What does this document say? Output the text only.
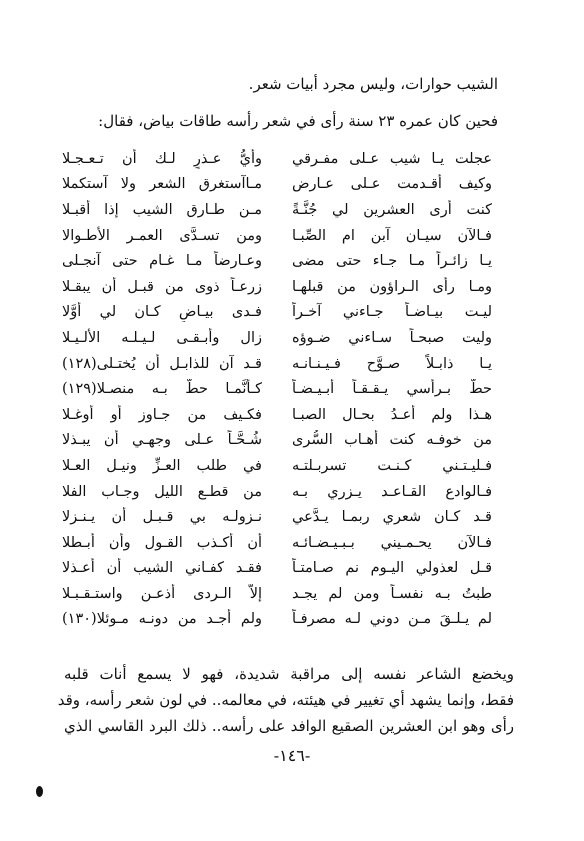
الشيب حوارات، وليس مجرد أبيات شعر.
فحين كان عمره ٢٣ سنة رأى في شعر رأسه طاقات بياض، فقال:
عجلت يـا شيب عـلى مفـرقي
وأيُّ عـذرٍ لـك أن تـعـجـلا
وكيف أقـدمت عـلى عـارض
مـاآستغرق الشعر ولا آستكملا
كنت أرى العشرين لي جُنَّـةً
مـن طـارق الشيب إذا أقبـلا
فـالآن سيـان آبن ام الصِّبـا
ومن تسـدَّى العمـر الأطـوالا
يـا زائـراً مـا جـاء حتى مضى
وعـارضاً مـا غـام حتى آنجـلى
ومـا رأى الـراؤون من قبلهـا
زرعـاً ذوى من قبـل أن يبقـلا
ليـت بيـاضـاً جـاءني آخـراً
فـدى بيـاضٍ كـان لي أوَّلا
وليت صبحـاً سـاءني ضـوؤه
زال وأبـقـى لـيـلـه الألـيـلا
يـا ذابـلاً صـوَّح فـيـنـانـه
قـد آن للذابـل أن يُختـلى(١٢٨)
حطَّ بـرأسي يـقـقـاً أبـيـضـاً
كـأنَّمـا حطَّ بـه منصـلا(١٢٩)
هـذا ولم أعـدُ بحـال الصبـا
فكـيف من جـاوز أو أوغـلا
من خوفـه كنت أهـاب السُّرى
شُـحَّـاً عـلى وجهـي أن يبـذلا
فـليـتـني كـنـت تسربـلتـه
في طلب العـزِّ ونيـل العـلا
فـالوادع القـاعـد يـزري بـه
من قطـع الليل وجـاب الفلا
قـد كـان شعري ربمـا يـدَّعي
نـزولـه بي قـبـل أن يـنـزلا
فـالآن يحـمـيني بـبـيـضـائـه
أن أكـذب القـول وأن أبـطلا
قـل لعذولي اليـوم نم صـامتـاً
فقـد كفـاني الشيب أن أعـذلا
طبتُ بـه نفسـاً ومن لم يجـد
إلاَّ الـردى أذعـن واستـقـبـلا
لم يـلـقَ مـن دوني لـه مصرفـاً
ولم أجـد من دونـه مـوئلا(١٣٠)
ويخضع الشاعر نفسه إلى مراقبة شديدة، فهو لا يسمع أنات قلبه
فقط، وإنما يشهد أي تغيير في هيئته، في معالمه.. في لون شعر رأسه، وقد
رأى وهو ابن العشرين الصقيع الوافد على رأسه.. ذلك البرد القاسي الذي
-١٤٦-
